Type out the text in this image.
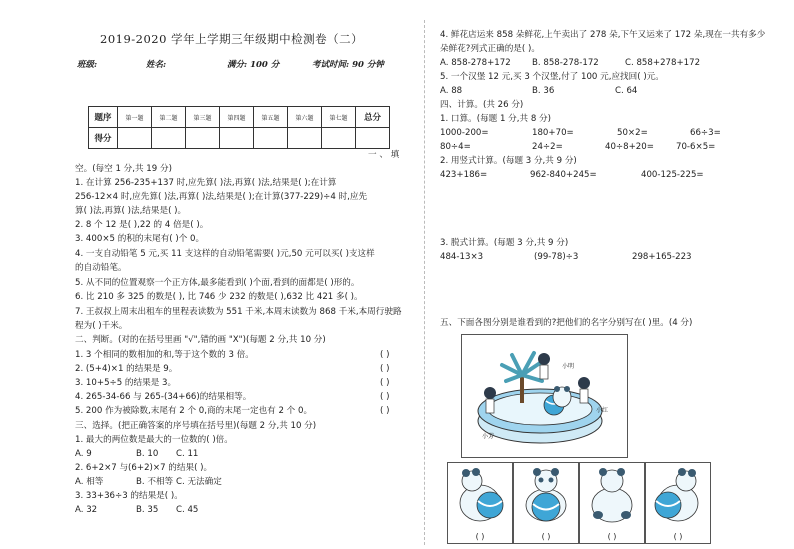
2019-2020 学年上学期三年级期中检测卷（二）
班级:	姓名:	满分: 100 分	考试时间: 90 分钟
题序	第一题	第二题	第三题	第四题	第五题	第六题	第七题	总分
得分								
一 、 填
空。(每空 1 分,共 19 分)
1. 在计算 256-235+137 时,应先算( )法,再算( )法,结果是( );在计算
256-12×4 时,应先算( )法,再算( )法,结果是( );在计算(377-229)÷4 时,应先
算( )法,再算( )法,结果是( )。
2. 8 个 12 是( ),22 的 4 倍是( )。
3. 400×5 的积的末尾有( )个 0。
4. 一支自动铅笔 5 元,买 11 支这样的自动铅笔需要( )元,50 元可以买( )支这样
的自动铅笔。
5. 从不同的位置观察一个正方体,最多能看到( )个面,看到的面都是( )形的。
6. 比 210 多 325 的数是( ), 比 746 少 232 的数是( ),632 比 421 多( )。
7. 王叔叔上周末出租车的里程表读数为 551 千米,本周末读数为 868 千米,本周行驶路
程为( )千米。
二、判断。(对的在括号里画 "√",错的画 "X")(每题 2 分,共 10 分)
1. 3 个相同的数相加的和,等于这个数的 3 倍。	( )
2. (5+4)×1 的结果是 9。	( )
3. 10+5÷5 的结果是 3。	( )
4. 265-34-66 与 265-(34+66)的结果相等。	( )
5. 200 作为被除数,末尾有 2 个 0,商的末尾一定也有 2 个 0。	( )
三、选择。(把正确答案的序号填在括号里)(每题 2 分,共 10 分)
1. 最大的两位数是最大的一位数的( )倍。
A. 9	B. 10 C. 11
2. 6+2×7 与(6+2)×7 的结果( )。
A. 相等	B. 不相等 C. 无法确定
3. 33+36÷3 的结果是( )。
A. 32	B. 35 C. 45
4. 鲜花店运来 858 朵鲜花,上午卖出了 278 朵,下午又运来了 172 朵,现在一共有多少
朵鲜花?列式正确的是( )。
A. 858-278+172 B. 858-278-172	C. 858+278+172
5. 一个汉堡 12 元,买 3 个汉堡,付了 100 元,应找回( )元。
A. 88	B. 36	C. 64
四、计算。(共 26 分)
1. 口算。(每题 1 分,共 8 分)
1000-200=	180+70=	50×2=	66÷3=
80÷4=	24÷2=	40÷8+20=	70-6×5=
2. 用竖式计算。(每题 3 分,共 9 分)
423+186=	962-840+245=	400-125-225=
3. 脱式计算。(每题 3 分,共 9 分)
484-13×3	(99-78)÷3	298+165-223
五、下面各图分别是谁看到的?把他们的名字分别写在( )里。(4 分)
小明
小红
小芳
( )	( )	( )	( )
